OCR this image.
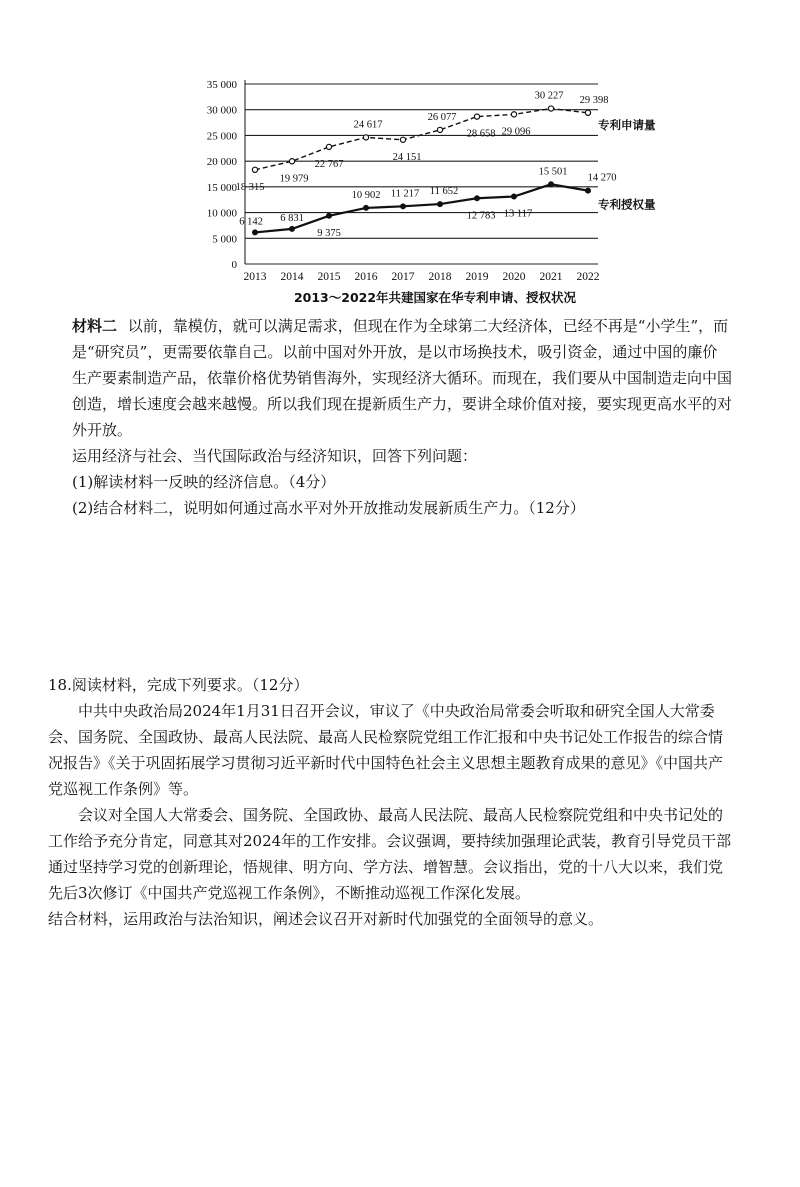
0
5 000
10 000
15 000
20 000
25 000
30 000
35 000
2013 2014 2015 2016 2017 2018 2019 2020 2021 2022
18 315
19 979
22 767
24 617
24 151
26 077
28 658 29 096
30 227 29 398
专利申请量
6 142 6 831
9 375
10 902 11 217 11 652
12 783 13 117
15 501
14 270
专利授权量
2013～2022年共建国家在华专利申请、授权状况

材料二 以前，靠模仿，就可以满足需求，但现在作为全球第二大经济体，已经不再是“小学生”，而是“研究员”，更需要依靠自己。以前中国对外开放，是以市场换技术，吸引资金，通过中国的廉价生产要素制造产品，依靠价格优势销售海外，实现经济大循环。而现在，我们要从中国制造走向中国创造，增长速度会越来越慢。所以我们现在提新质生产力，要讲全球价值对接，要实现更高水平的对外开放。

运用经济与社会、当代国际政治与经济知识，回答下列问题：

(1)解读材料一反映的经济信息。（4分）

(2)结合材料二，说明如何通过高水平对外开放推动发展新质生产力。（12分）

18.阅读材料，完成下列要求。（12分）

中共中央政治局2024年1月31日召开会议，审议了《中央政治局常委会听取和研究全国人大常委会、国务院、全国政协、最高人民法院、最高人民检察院党组工作汇报和中央书记处工作报告的综合情况报告》《关于巩固拓展学习贯彻习近平新时代中国特色社会主义思想主题教育成果的意见》《中国共产党巡视工作条例》等。

会议对全国人大常委会、国务院、全国政协、最高人民法院、最高人民检察院党组和中央书记处的工作给予充分肯定，同意其对2024年的工作安排。会议强调，要持续加强理论武装，教育引导党员干部通过坚持学习党的创新理论，悟规律、明方向、学方法、增智慧。会议指出，党的十八大以来，我们党先后3次修订《中国共产党巡视工作条例》，不断推动巡视工作深化发展。

结合材料，运用政治与法治知识，阐述会议召开对新时代加强党的全面领导的意义。
